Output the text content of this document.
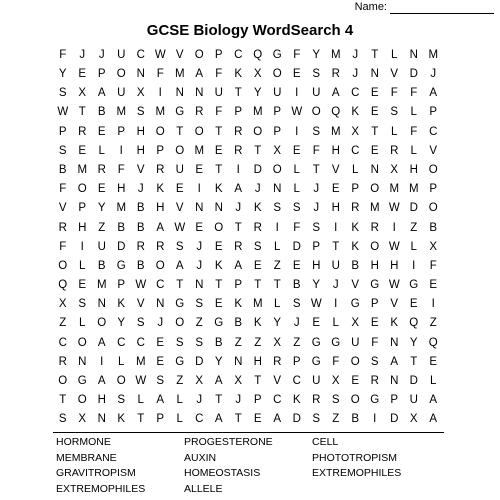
Name:
GCSE Biology WordSearch 4
F	J	J	U C W V O P	C Q G	F	Y M	J	T	L	N M
Y	E	P O N	F M A	F	K	X O E	S	R	J	N	V	D	J
S	X	A	U	X	I	N N U	T	Y	U	I	U	A	C	E	F	F	A
W T	B M S M G R	F	P M P W O Q K	E	S	L	P
P	R	E	P	H O	T	O	T	R O P	I	S M X	T	L	F	C
S	E	L	I	H	P O M E	R	T	X	E	F	H C	E	R	L	V
B M R	F	V	R U	E	T	I	D O	L	T	V	L	N	X	H O
F	O E	H	J	K	E	I	K	A	J	N	L	J	E	P O M M P
V	P	Y M B	H	V	N N	J	K	S	S	J	H R M W D O
R H	Z	B	B	A W E O	T	R	I	F	S	I	K	R	I	Z	B
F	I	U D R R	S	J	E	R	S	L	D	P	T	K O W L	X
O	L	B G B O A	J	K	A	E	Z	E	H U	B	H H	I	F
Q E M P W C	T	N	T	P	T	T	B	Y	J	V G W G E
X	S	N	K	V	N G S	E	K M	L	S W	I	G P	V	E	I
Z	L	O Y	S	J	O	Z	G B	K	Y	J	E	L	X	E	K Q	Z
C O A	C C	E	S	S	B	Z	Z	X	Z	G G U	F	N	Y Q
R N	I	L	M E G D	Y	N H R	P G	F	O S	A	T	E
O G A O W S	Z	X	A	X	T	V	C U	X	E	R N D	L
T	O H	S	L	A	L	J	T	J	P	C	K	R	S O G P	U	A
S	X	N	K	T	P	L	C	A	T	E	A	D	S	Z	B	I	D	X	A
HORMONE	PROGESTERONE	CELL
MEMBRANE	AUXIN	PHOTOTROPISM
GRAVITROPISM	HOMEOSTASIS	EXTREMOPHILES
EXTREMOPHILES	ALLELE
